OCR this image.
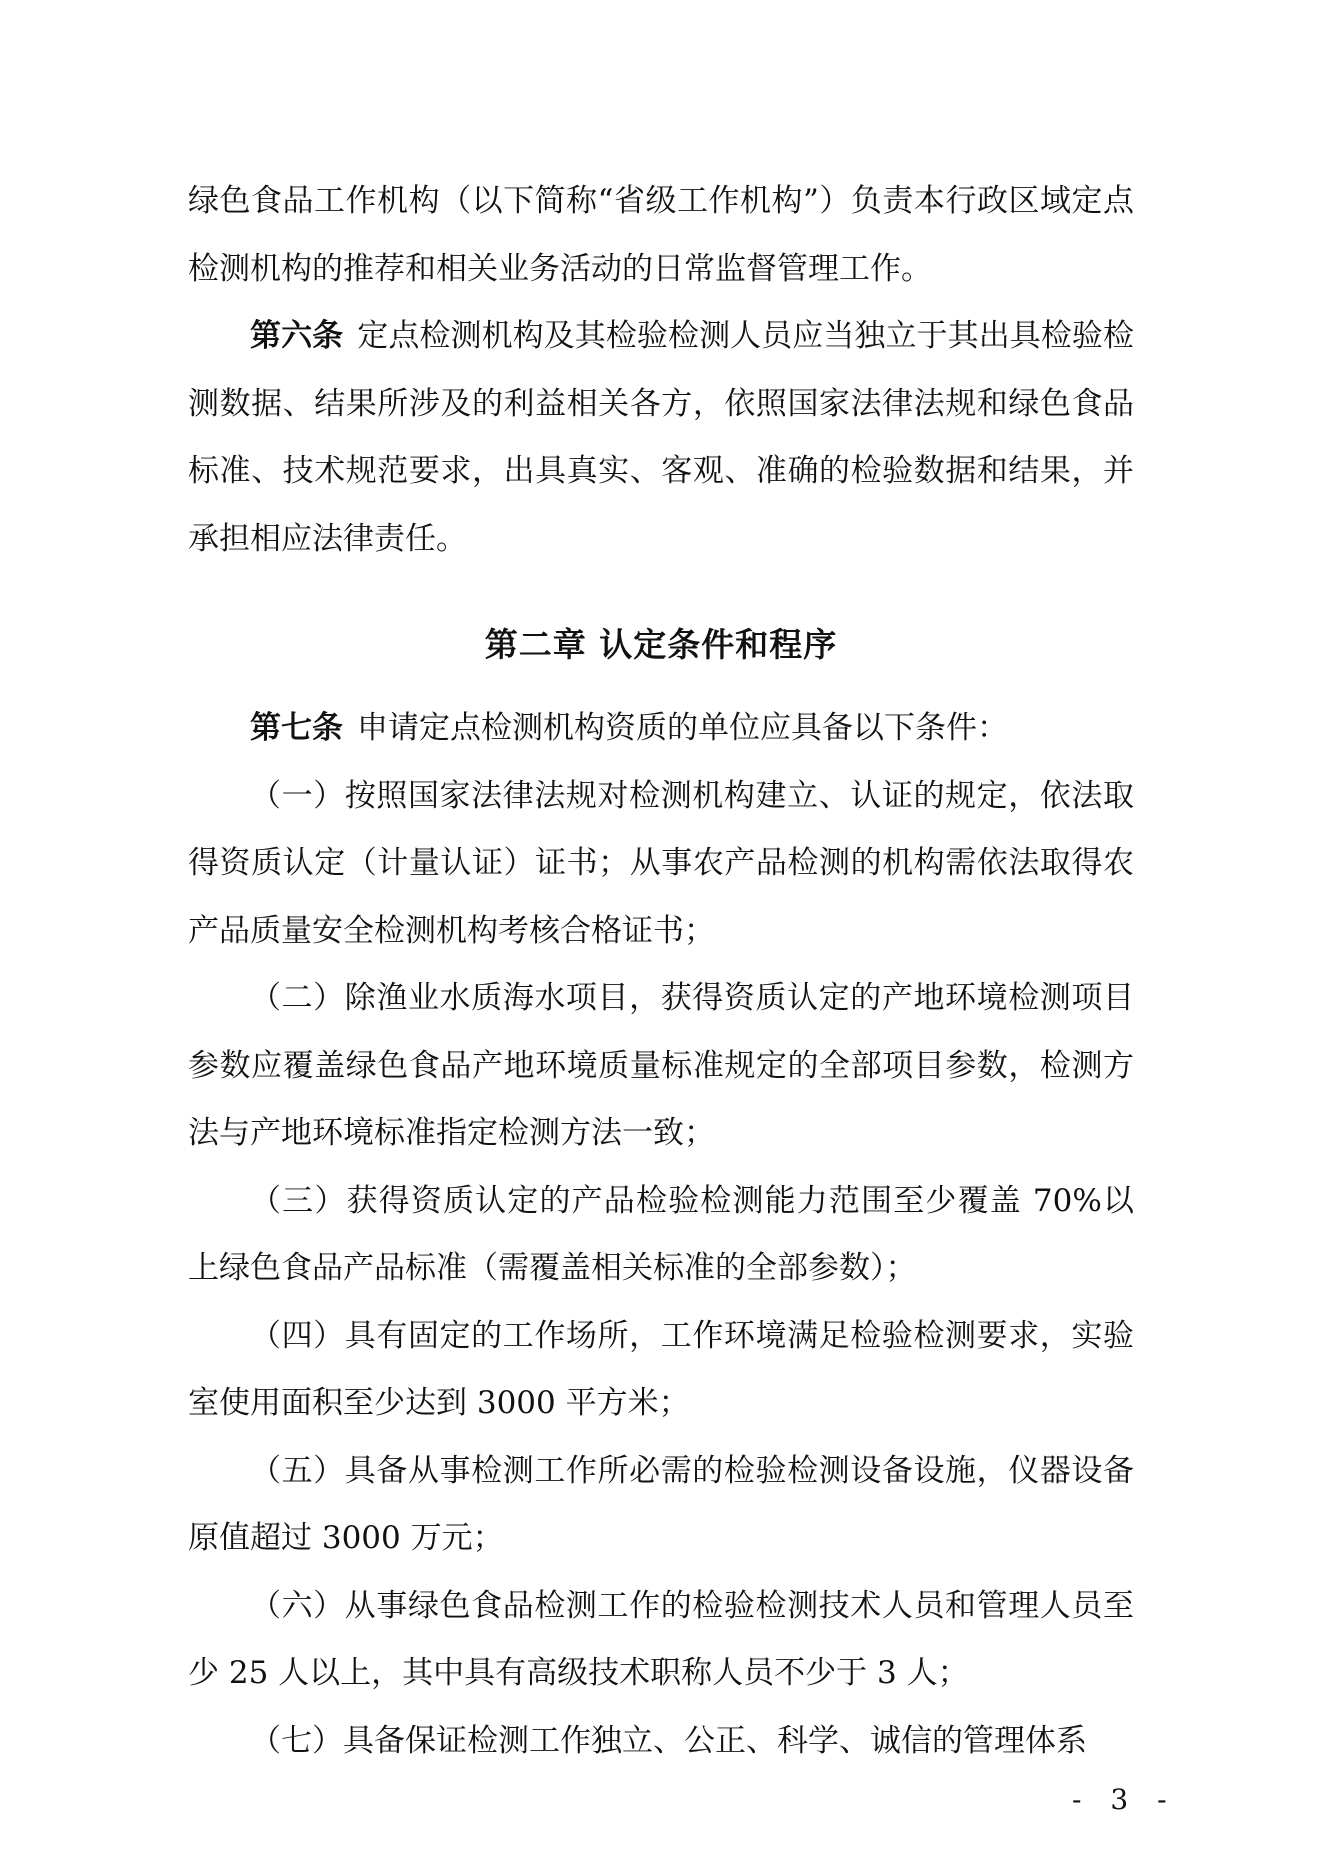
绿色食品工作机构（以下简称“省级工作机构”）负责本行政区域定点检测机构的推荐和相关业务活动的日常监督管理工作。

第六条 定点检测机构及其检验检测人员应当独立于其出具检验检测数据、结果所涉及的利益相关各方，依照国家法律法规和绿色食品标准、技术规范要求，出具真实、客观、准确的检验数据和结果，并承担相应法律责任。

第二章 认定条件和程序

第七条 申请定点检测机构资质的单位应具备以下条件：

（一）按照国家法律法规对检测机构建立、认证的规定，依法取得资质认定（计量认证）证书；从事农产品检测的机构需依法取得农产品质量安全检测机构考核合格证书；

（二）除渔业水质海水项目，获得资质认定的产地环境检测项目参数应覆盖绿色食品产地环境质量标准规定的全部项目参数，检测方法与产地环境标准指定检测方法一致；

（三）获得资质认定的产品检验检测能力范围至少覆盖 70%以上绿色食品产品标准（需覆盖相关标准的全部参数）；

（四）具有固定的工作场所，工作环境满足检验检测要求，实验室使用面积至少达到 3000 平方米；

（五）具备从事检测工作所必需的检验检测设备设施，仪器设备原值超过 3000 万元；

（六）从事绿色食品检测工作的检验检测技术人员和管理人员至少 25 人以上，其中具有高级技术职称人员不少于 3 人；

（七）具备保证检测工作独立、公正、科学、诚信的管理体系

- 3 -
